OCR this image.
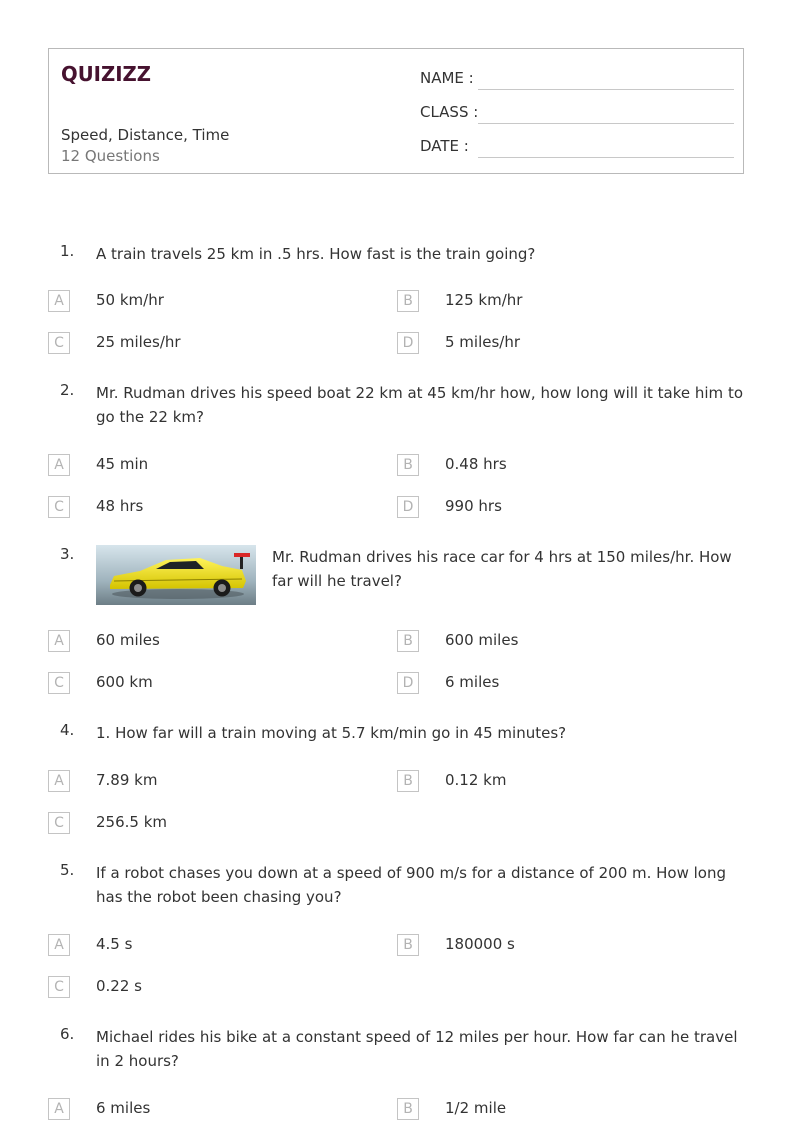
QUIZIZZ
Speed, Distance, Time
12 Questions
NAME :
CLASS :
DATE :
1. A train travels 25 km in .5 hrs. How fast is the train going?
A	50 km/hr	B	125 km/hr
C	25 miles/hr	D	5 miles/hr
2. Mr. Rudman drives his speed boat 22 km at 45 km/hr how, how long will it take him to go the 22 km?
A	45 min	B	0.48 hrs
C	48 hrs	D	990 hrs
3.	Mr. Rudman drives his race car for 4 hrs at 150 miles/hr. How far will he travel?
A	60 miles	B	600 miles
C	600 km	D	6 miles
4. 1. How far will a train moving at 5.7 km/min go in 45 minutes?
A	7.89 km	B	0.12 km
C	256.5 km
5. If a robot chases you down at a speed of 900 m/s for a distance of 200 m. How long has the robot been chasing you?
A	4.5 s	B	180000 s
C	0.22 s
6. Michael rides his bike at a constant speed of 12 miles per hour. How far can he travel in 2 hours?
A	6 miles	B	1/2 mile
